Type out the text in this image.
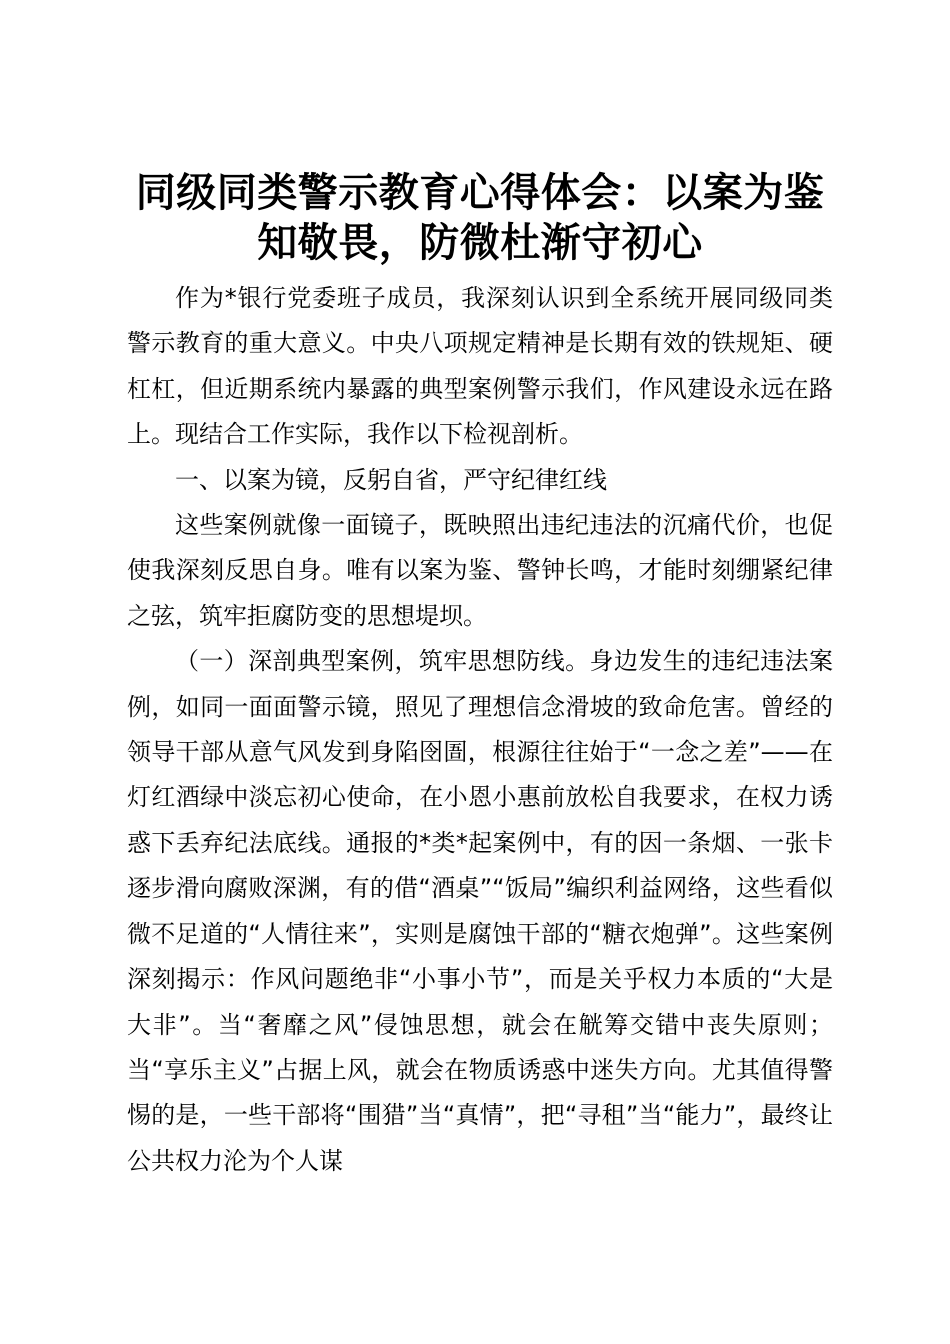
同级同类警示教育心得体会：以案为鉴
知敬畏，防微杜渐守初心

作为*银行党委班子成员，我深刻认识到全系统开展同级同类警示教育的重大意义。中央八项规定精神是长期有效的铁规矩、硬杠杠，但近期系统内暴露的典型案例警示我们，作风建设永远在路上。现结合工作实际，我作以下检视剖析。

一、以案为镜，反躬自省，严守纪律红线

这些案例就像一面镜子，既映照出违纪违法的沉痛代价，也促使我深刻反思自身。唯有以案为鉴、警钟长鸣，才能时刻绷紧纪律之弦，筑牢拒腐防变的思想堤坝。

（一）深剖典型案例，筑牢思想防线。身边发生的违纪违法案例，如同一面面警示镜，照见了理想信念滑坡的致命危害。曾经的领导干部从意气风发到身陷囹圄，根源往往始于“一念之差”——在灯红酒绿中淡忘初心使命，在小恩小惠前放松自我要求，在权力诱惑下丢弃纪法底线。通报的*类*起案例中，有的因一条烟、一张卡逐步滑向腐败深渊，有的借“酒桌”“饭局”编织利益网络，这些看似微不足道的“人情往来”，实则是腐蚀干部的“糖衣炮弹”。这些案例深刻揭示：作风问题绝非“小事小节”，而是关乎权力本质的“大是大非”。当“奢靡之风”侵蚀思想，就会在觥筹交错中丧失原则；当“享乐主义”占据上风，就会在物质诱惑中迷失方向。尤其值得警惕的是，一些干部将“围猎”当“真情”，把“寻租”当“能力”，最终让公共权力沦为个人谋
